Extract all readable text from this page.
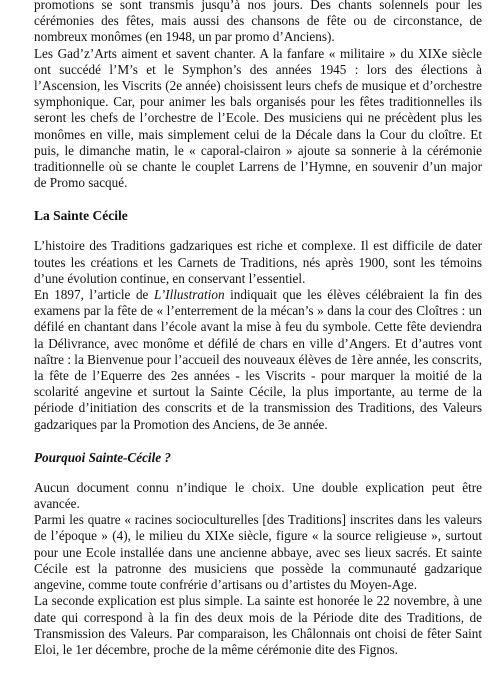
promotions se sont transmis jusqu’à nos jours. Des chants solennels pour les cérémonies des fêtes, mais aussi des chansons de fête ou de circonstance, de nombreux monômes (en 1948, un par promo d’Anciens).

Les Gad’z’Arts aiment et savent chanter. A la fanfare « militaire » du XIXe siècle ont succédé l’M’s et le Symphon’s des années 1945 : lors des élections à l’Ascension, les Viscrits (2e année) choisissent leurs chefs de musique et d’orchestre symphonique. Car, pour animer les bals organisés pour les fêtes traditionnelles ils seront les chefs de l’orchestre de l’Ecole. Des musiciens qui ne précèdent plus les monômes en ville, mais simplement celui de la Décale dans la Cour du cloître. Et puis, le dimanche matin, le « caporal-clairon » ajoute sa sonnerie à la cérémonie traditionnelle où se chante le couplet Larrens de l’Hymne, en souvenir d’un major de Promo sacqué.

La Sainte Cécile

L’histoire des Traditions gadzariques est riche et complexe. Il est difficile de dater toutes les créations et les Carnets de Traditions, nés après 1900, sont les témoins d’une évolution continue, en conservant l’essentiel.

En 1897, l’article de L’Illustration indiquait que les élèves célébraient la fin des examens par la fête de « l’enterrement de la mécan’s » dans la cour des Cloîtres : un défilé en chantant dans l’école avant la mise à feu du symbole. Cette fête deviendra la Délivrance, avec monôme et défilé de chars en ville d’Angers. Et d’autres vont naître : la Bienvenue pour l’accueil des nouveaux élèves de 1ère année, les conscrits, la fête de l’Equerre des 2es années - les Viscrits - pour marquer la moitié de la scolarité angevine et surtout la Sainte Cécile, la plus importante, au terme de la période d’initiation des conscrits et de la transmission des Traditions, des Valeurs gadzariques par la Promotion des Anciens, de 3e année.

Pourquoi Sainte-Cécile ?

Aucun document connu n’indique le choix. Une double explication peut être avancée.

Parmi les quatre « racines socioculturelles [des Traditions] inscrites dans les valeurs de l’époque » (4), le milieu du XIXe siècle, figure « la source religieuse », surtout pour une Ecole installée dans une ancienne abbaye, avec ses lieux sacrés. Et sainte Cécile est la patronne des musiciens que possède la communauté gadzarique angevine, comme toute confrérie d’artisans ou d’artistes du Moyen-Age.

La seconde explication est plus simple. La sainte est honorée le 22 novembre, à une date qui correspond à la fin des deux mois de la Période dite des Traditions, de Transmission des Valeurs. Par comparaison, les Châlonnais ont choisi de fêter Saint Eloi, le 1er décembre, proche de la même cérémonie dite des Fignos.
